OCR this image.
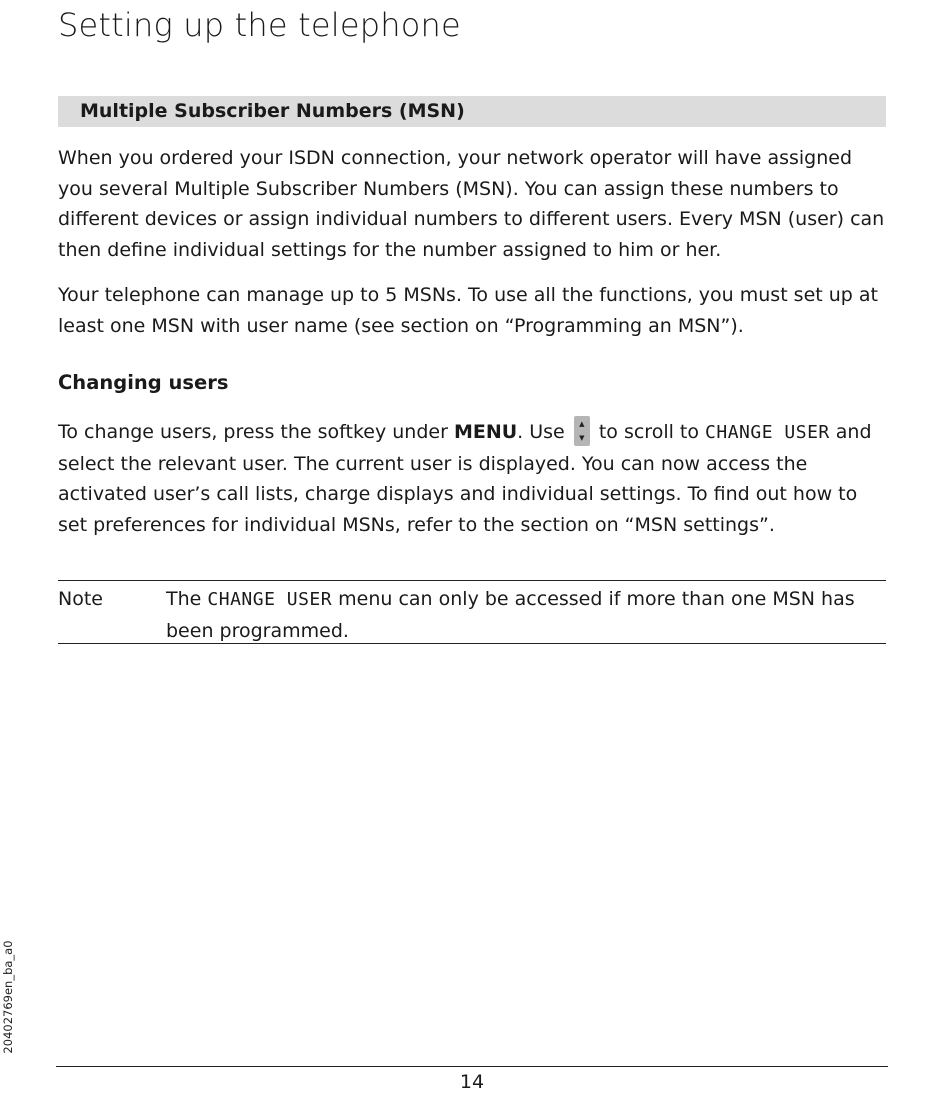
Setting up the telephone
Multiple Subscriber Numbers (MSN)

When you ordered your ISDN connection, your network operator will have assigned you several Multiple Subscriber Numbers (MSN). You can assign these numbers to different devices or assign individual numbers to different users. Every MSN (user) can then define individual settings for the number assigned to him or her.

Your telephone can manage up to 5 MSNs. To use all the functions, you must set up at least one MSN with user name (see section on “Programming an MSN”).

Changing users

To change users, press the softkey under MENU. Use	▲
▼ to scroll to CHANGE USER and select the relevant user. The current user is displayed. You can now access the activated user’s call lists, charge displays and individual settings. To find out how to set preferences for individual MSNs, refer to the section on “MSN settings”.

Note	The CHANGE USER menu can only be accessed if more than one MSN has been programmed.
20402769en_ba_a0
14
